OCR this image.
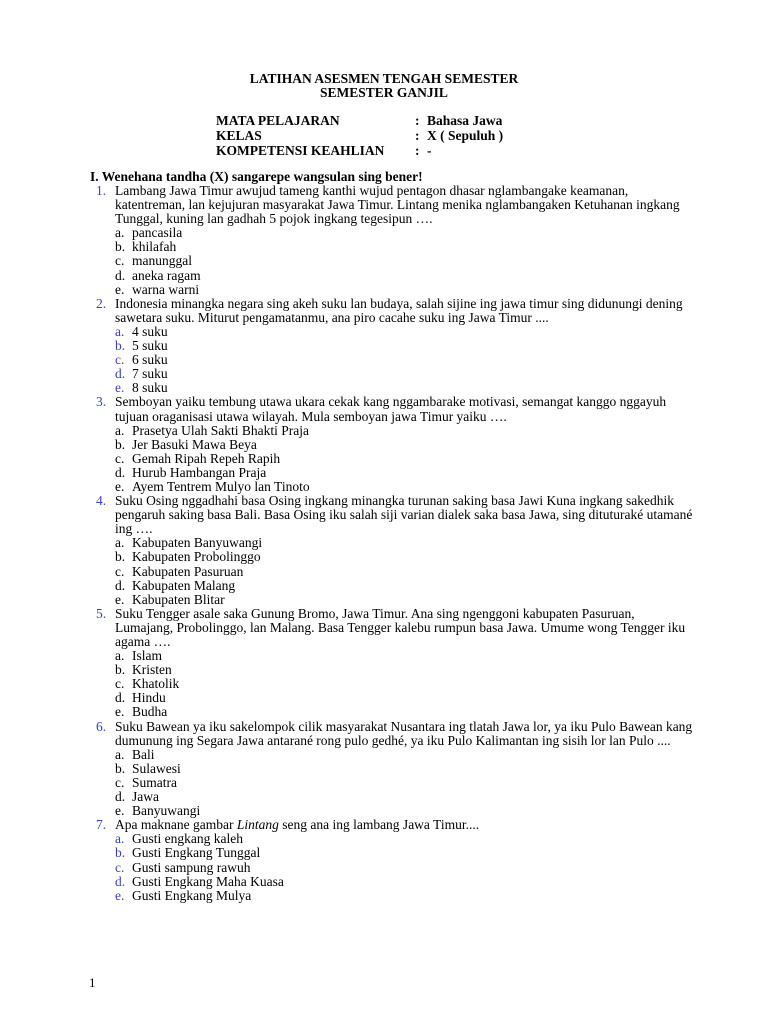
LATIHAN ASESMEN TENGAH SEMESTER
SEMESTER GANJIL
MATA PELAJARAN	: Bahasa Jawa
KELAS	: X ( Sepuluh )
KOMPETENSI KEAHLIAN	: -
I. Wenehana tandha (X) sangarepe wangsulan sing bener!
1. Lambang Jawa Timur awujud tameng kanthi wujud pentagon dhasar nglambangake keamanan, katentreman, lan kejujuran masyarakat Jawa Timur. Lintang menika nglambangaken Ketuhanan ingkang Tunggal, kuning lan gadhah 5 pojok ingkang tegesipun ….
a. pancasila
b. khilafah
c. manunggal
d. aneka ragam
e. warna warni
2. Indonesia minangka negara sing akeh suku lan budaya, salah sijine ing jawa timur sing didunungi dening sawetara suku. Miturut pengamatanmu, ana piro cacahe suku ing Jawa Timur ....
a. 4 suku
b. 5 suku
c. 6 suku
d. 7 suku
e. 8 suku
3. Semboyan yaiku tembung utawa ukara cekak kang nggambarake motivasi, semangat kanggo nggayuh tujuan oraganisasi utawa wilayah. Mula semboyan jawa Timur yaiku ….
a. Prasetya Ulah Sakti Bhakti Praja
b. Jer Basuki Mawa Beya
c. Gemah Ripah Repeh Rapih
d. Hurub Hambangan Praja
e. Ayem Tentrem Mulyo lan Tinoto
4. Suku Osing nggadhahi basa Osing ingkang minangka turunan saking basa Jawi Kuna ingkang sakedhik pengaruh saking basa Bali. Basa Osing iku salah siji varian dialek saka basa Jawa, sing dituturaké utamané ing ….
a. Kabupaten Banyuwangi
b. Kabupaten Probolinggo
c. Kabupaten Pasuruan
d. Kabupaten Malang
e. Kabupaten Blitar
5. Suku Tengger asale saka Gunung Bromo, Jawa Timur. Ana sing ngenggoni kabupaten Pasuruan, Lumajang, Probolinggo, lan Malang. Basa Tengger kalebu rumpun basa Jawa. Umume wong Tengger iku agama ….
a. Islam
b. Kristen
c. Khatolik
d. Hindu
e. Budha
6. Suku Bawean ya iku sakelompok cilik masyarakat Nusantara ing tlatah Jawa lor, ya iku Pulo Bawean kang dumunung ing Segara Jawa antarané rong pulo gedhé, ya iku Pulo Kalimantan ing sisih lor lan Pulo ....
a. Bali
b. Sulawesi
c. Sumatra
d. Jawa
e. Banyuwangi
7. Apa maknane gambar Lintang seng ana ing lambang Jawa Timur....
a. Gusti engkang kaleh
b. Gusti Engkang Tunggal
c. Gusti sampung rawuh
d. Gusti Engkang Maha Kuasa
e. Gusti Engkang Mulya
1
